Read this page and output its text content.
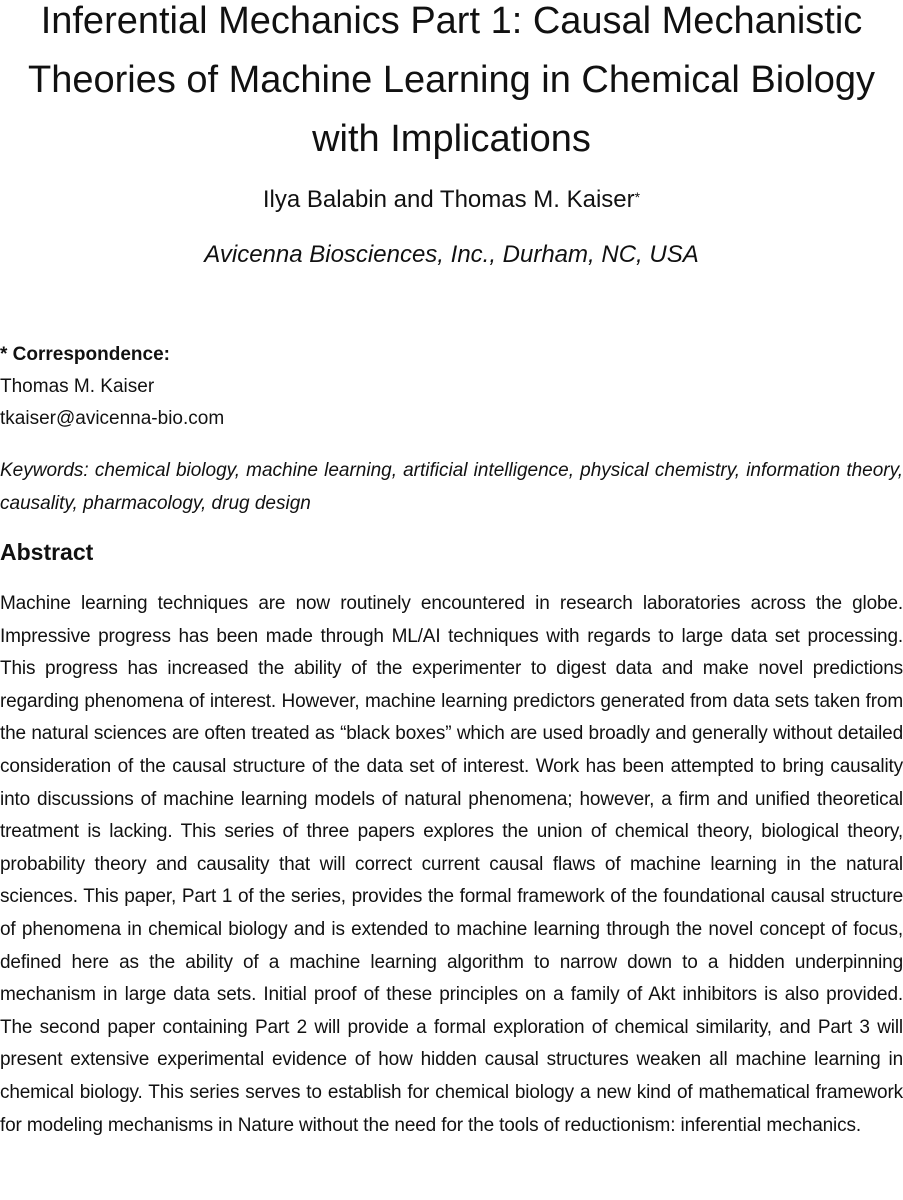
Inferential Mechanics Part 1: Causal Mechanistic Theories of Machine Learning in Chemical Biology with Implications
Ilya Balabin and Thomas M. Kaiser*
Avicenna Biosciences, Inc., Durham, NC, USA
* Correspondence:
Thomas M. Kaiser
tkaiser@avicenna-bio.com

Keywords: chemical biology, machine learning, artificial intelligence, physical chemistry, information theory, causality, pharmacology, drug design

Abstract

Machine learning techniques are now routinely encountered in research laboratories across the globe. Impressive progress has been made through ML/AI techniques with regards to large data set processing. This progress has increased the ability of the experimenter to digest data and make novel predictions regarding phenomena of interest. However, machine learning predictors generated from data sets taken from the natural sciences are often treated as “black boxes” which are used broadly and generally without detailed consideration of the causal structure of the data set of interest. Work has been attempted to bring causality into discussions of machine learning models of natural phenomena; however, a firm and unified theoretical treatment is lacking. This series of three papers explores the union of chemical theory, biological theory, probability theory and causality that will correct current causal flaws of machine learning in the natural sciences. This paper, Part 1 of the series, provides the formal framework of the foundational causal structure of phenomena in chemical biology and is extended to machine learning through the novel concept of focus, defined here as the ability of a machine learning algorithm to narrow down to a hidden underpinning mechanism in large data sets. Initial proof of these principles on a family of Akt inhibitors is also provided. The second paper containing Part 2 will provide a formal exploration of chemical similarity, and Part 3 will present extensive experimental evidence of how hidden causal structures weaken all machine learning in chemical biology. This series serves to establish for chemical biology a new kind of mathematical framework for modeling mechanisms in Nature without the need for the tools of reductionism: inferential mechanics.
